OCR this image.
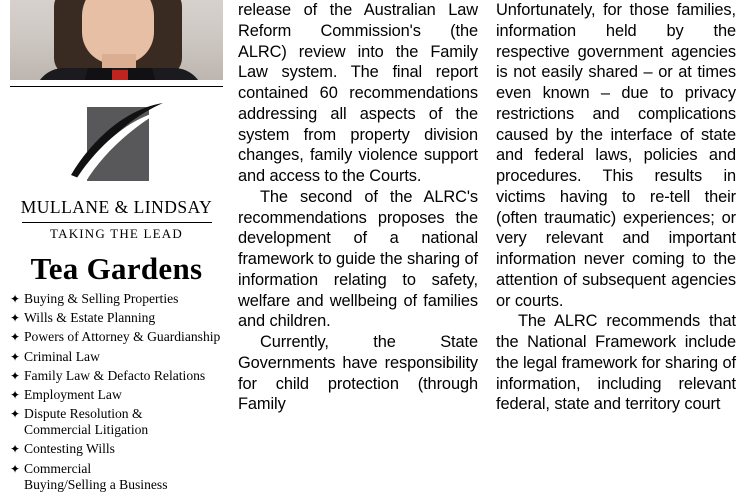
MULLANE & LINDSAY
TAKING THE LEAD
Tea Gardens
✦ Buying & Selling Properties
✦ Wills & Estate Planning
✦ Powers of Attorney & Guardianship
✦ Criminal Law
✦ Family Law & Defacto Relations
✦ Employment Law
✦ Dispute Resolution &
Commercial Litigation
✦ Contesting Wills
✦ Commercial
Buying/Selling a Business

release of the Australian Law Reform Commission's (the ALRC) review into the Family Law system. The final report contained 60 recommendations addressing all aspects of the system from property division changes, family violence support and access to the Courts.

The second of the ALRC's recommendations proposes the development of a national framework to guide the sharing of information relating to safety, welfare and wellbeing of families and children.

Currently, the State Governments have responsibility for child protection (through Family

Unfortunately, for those families, information held by the respective government agencies is not easily shared – or at times even known – due to privacy restrictions and complications caused by the interface of state and federal laws, policies and procedures. This results in victims having to re-tell their (often traumatic) experiences; or very relevant and important information never coming to the attention of subsequent agencies or courts.

The ALRC recommends that the National Framework include the legal framework for sharing of information, including relevant federal, state and territory court
